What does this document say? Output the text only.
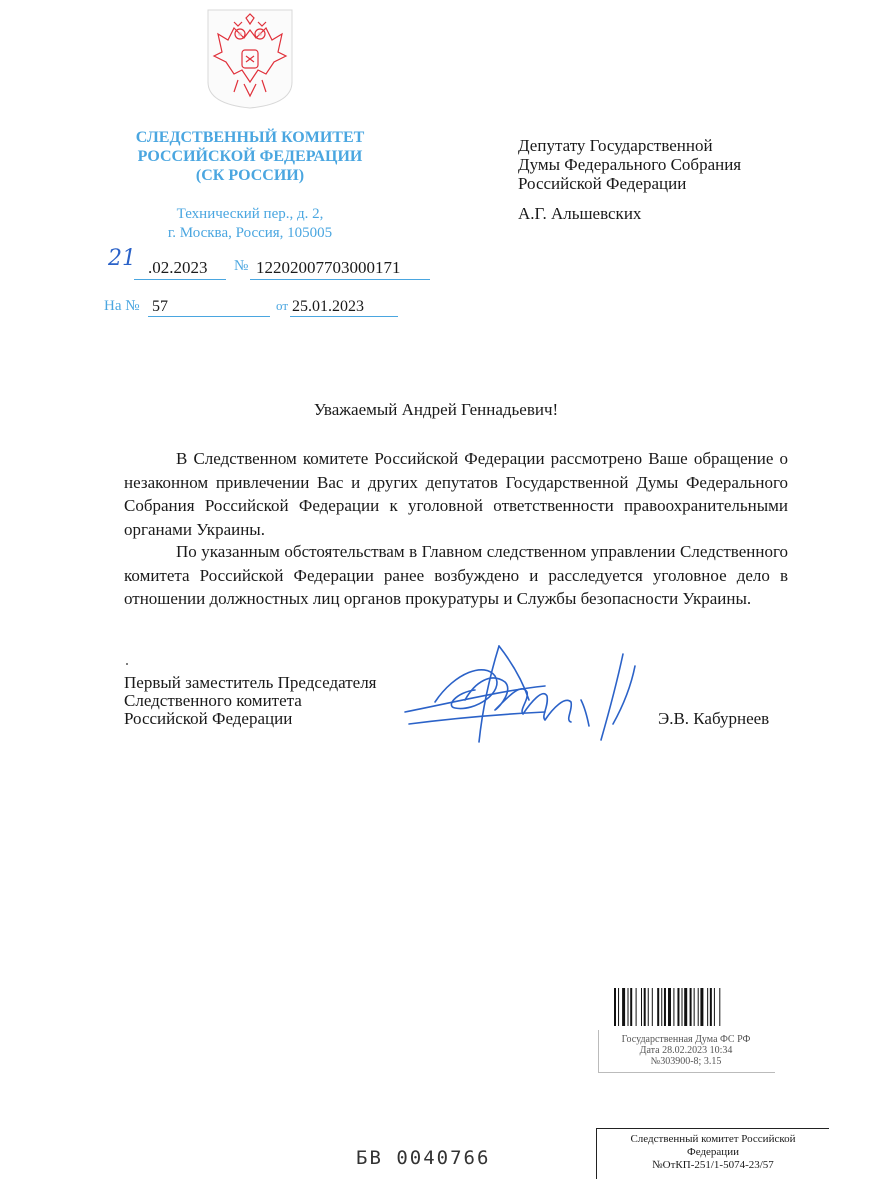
СЛЕДСТВЕННЫЙ КОМИТЕТ
РОССИЙСКОЙ ФЕДЕРАЦИИ
(СК РОССИИ)
Технический пер., д. 2,
г. Москва, Россия, 105005
21 .02.2023 № 12202007703000171
На № 57	от 25.01.2023
Депутату Государственной
Думы Федерального Собрания
Российской Федерации
А.Г. Альшевских
Уважаемый Андрей Геннадьевич!
В Следственном комитете Российской Федерации рассмотрено Ваше обращение о незаконном привлечении Вас и других депутатов Государственной Думы Федерального Собрания Российской Федерации к уголовной ответственности правоохранительными органами Украины.
По указанным обстоятельствам в Главном следственном управлении Следственного комитета Российской Федерации ранее возбуждено и расследуется уголовное дело в отношении должностных лиц органов прокуратуры и Службы безопасности Украины.
Первый заместитель Председателя
Следственного комитета
Российской Федерации	Э.В. Кабурнеев
Государственная Дума ФС РФ
Дата 28.02.2023 10:34
№303900-8; 3.15
БВ 0040766
Следственный комитет Российской
Федерации
№ОтКП-251/1-5074-23/57
